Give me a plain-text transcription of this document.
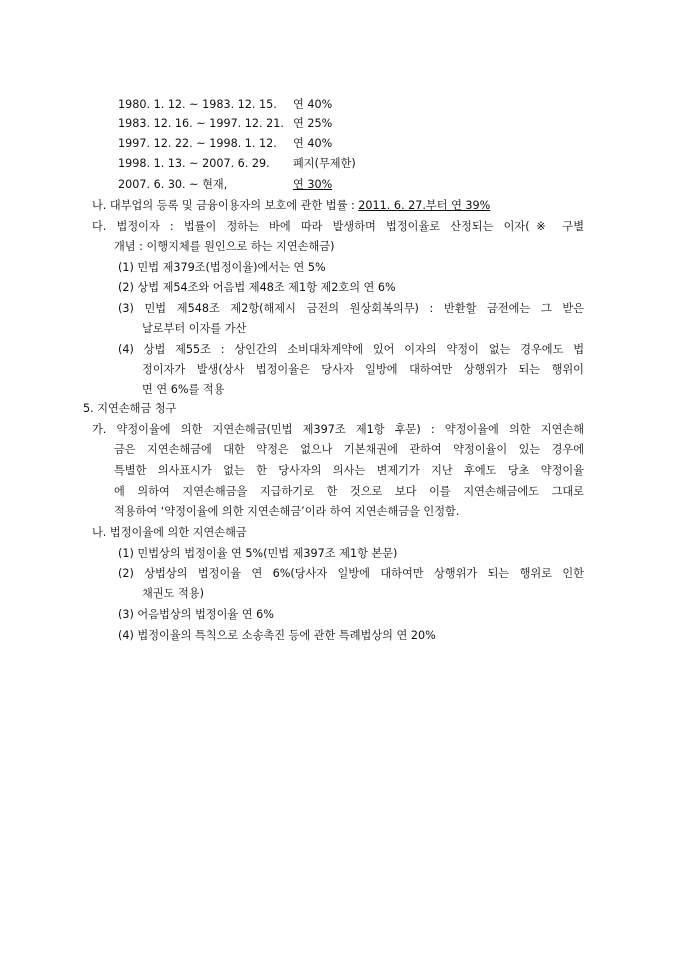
1980. 1. 12. ~ 1983. 12. 15. 연 40%
1983. 12. 16. ~ 1997. 12. 21. 연 25%
1997. 12. 22. ~ 1998. 1. 12. 연 40%
1998. 1. 13. ~ 2007. 6. 29. 폐지(무제한)
2007. 6. 30. ~ 현재,	연 30%
나. 대부업의 등록 및 금융이용자의 보호에 관한 법률 : 2011. 6. 27.부터 연 39%
다. 법정이자 : 법률이 정하는 바에 따라 발생하며 법정이율로 산정되는 이자(※ 구별
개념 : 이행지체를 원인으로 하는 지연손해금)
(1) 민법 제379조(법정이율)에서는 연 5%
(2) 상법 제54조와 어음법 제48조 제1항 제2호의 연 6%
(3) 민법 제548조 제2항(해제시 금전의 원상회복의무) : 반환할 금전에는 그 받은
날로부터 이자를 가산
(4) 상법 제55조 : 상인간의 소비대차계약에 있어 이자의 약정이 없는 경우에도 법
정이자가 발생(상사 법정이율은 당사자 일방에 대하여만 상행위가 되는 행위이
면 연 6%를 적용
5. 지연손해금 청구
가. 약정이율에 의한 지연손해금(민법 제397조 제1항 후문) : 약정이율에 의한 지연손해
금은 지연손해금에 대한 약정은 없으나 기본채권에 관하여 약정이율이 있는 경우에
특별한 의사표시가 없는 한 당사자의 의사는 변제기가 지난 후에도 당초 약정이율
에 의하여 지연손해금을 지급하기로 한 것으로 보다 이를 지연손해금에도 그대로
적용하여 ‘약정이율에 의한 지연손해금’이라 하여 지연손해금을 인정함.
나. 법정이율에 의한 지연손해금
(1) 민법상의 법정이율 연 5%(민법 제397조 제1항 본문)
(2) 상법상의 법정이율 연 6%(당사자 일방에 대하여만 상행위가 되는 행위로 인한
채권도 적용)
(3) 어음법상의 법정이율 연 6%
(4) 법정이율의 특칙으로 소송촉진 등에 관한 특례법상의 연 20%
